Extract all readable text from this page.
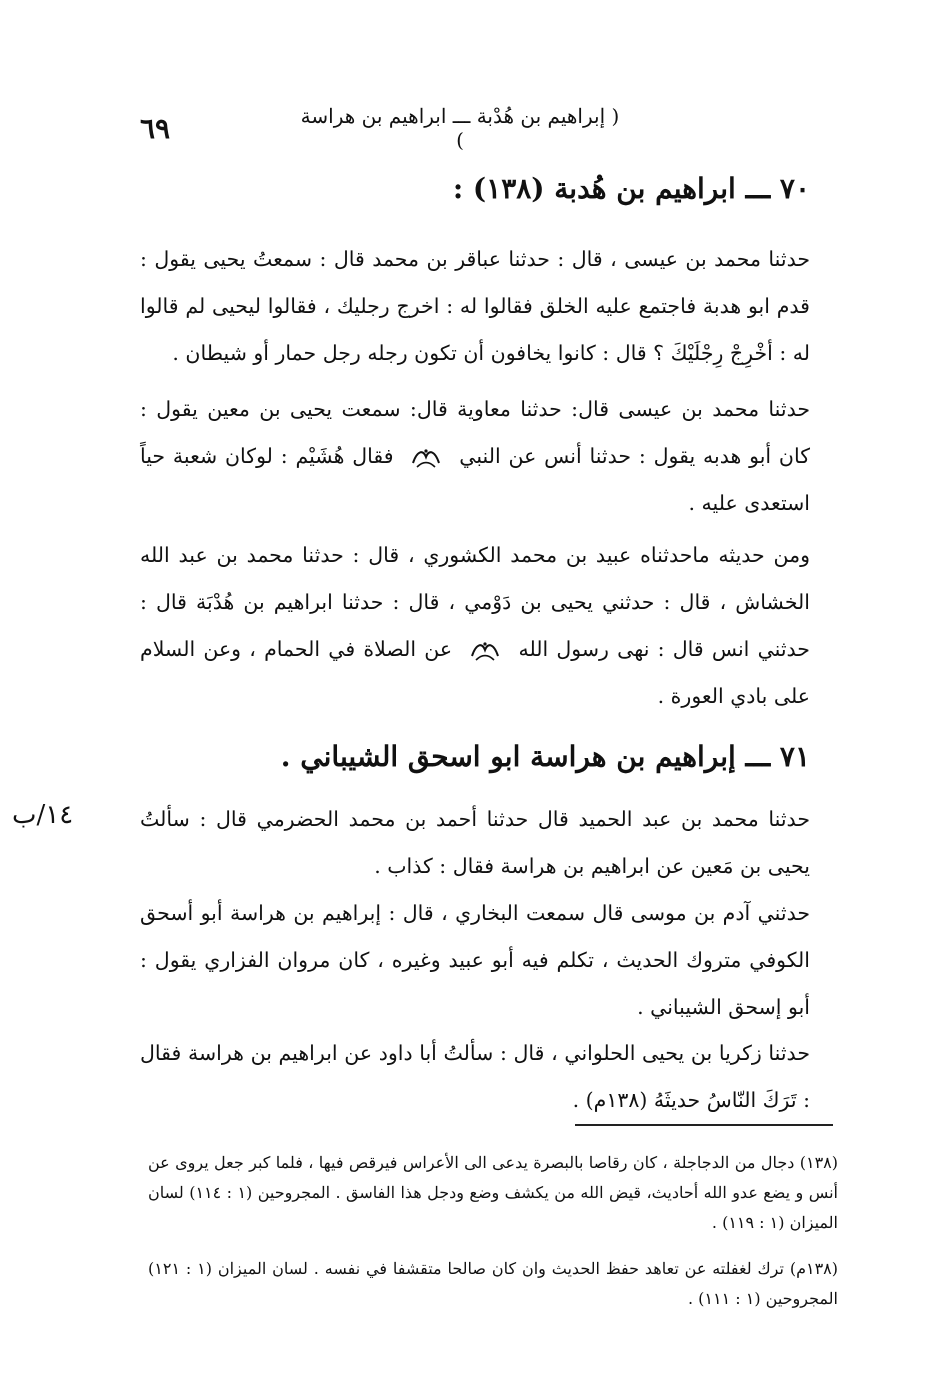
٦٩	( إبراهيم بن هُدْبة ـــ ابراهيم بن هراسة )
١٤/ب
٧٠ ـــ ابراهيم بن هُدبة (١٣٨) :
حدثنا محمد بن عيسى ، قال : حدثنا عباقر بن محمد قال : سمعتُ يحيى يقول : قدم ابو هدبة فاجتمع عليه الخلق فقالوا له : اخرج رجليك ، فقالوا ليحيى لم قالوا له : أخْرِجْ رِجْلَيْكَ ؟ قال : كانوا يخافون أن تكون رجله رجل حمار أو شيطان .
حدثنا محمد بن عيسى قال: حدثنا معاوية قال: سمعت يحيى بن معين يقول : كان أبو هدبه يقول : حدثنا أنس عن النبي  فقال هُشَيْم : لوكان شعبة حياً استعدى عليه .
ومن حديثه ماحدثناه عبيد بن محمد الكشوري ، قال : حدثنا محمد بن عبد الله الخشاش ، قال : حدثني يحيى بن دَوْمي ، قال : حدثنا ابراهيم بن هُدْبَة قال : حدثني انس قال : نهى رسول الله  عن الصلاة في الحمام ، وعن السلام على بادي العورة .
٧١ ـــ إبراهيم بن هراسة ابو اسحق الشيباني .
حدثنا محمد بن عبد الحميد قال حدثنا أحمد بن محمد الحضرمي قال : سألتُ يحيى بن مَعين عن ابراهيم بن هراسة فقال : كذاب .
حدثني آدم بن موسى قال سمعت البخاري ، قال : إبراهيم بن هراسة أبو أسحق الكوفي متروك الحديث ، تكلم فيه أبو عبيد وغيره ، كان مروان الفزاري يقول : أبو إسحق الشيباني .
حدثنا زكريا بن يحيى الحلواني ، قال : سألتُ أبا داود عن ابراهيم بن هراسة فقال : تَرَكَ النّاسُ حديثَهُ (١٣٨م) .
(١٣٨) دجال من الدجاجلة ، كان رقاصا بالبصرة يدعى الى الأعراس فيرقص فيها ، فلما كبر جعل يروى عن أنس و يضع عدو الله أحاديث، قيض الله من يكشف وضع ودجل هذا الفاسق . المجروحين (١ : ١١٤) لسان الميزان (١ : ١١٩) .
(١٣٨م) ترك لغفلته عن تعاهد حفظ الحديث وان كان صالحا متقشفا في نفسه . لسان الميزان (١ : ١٢١) المجروحين (١ : ١١١) .
